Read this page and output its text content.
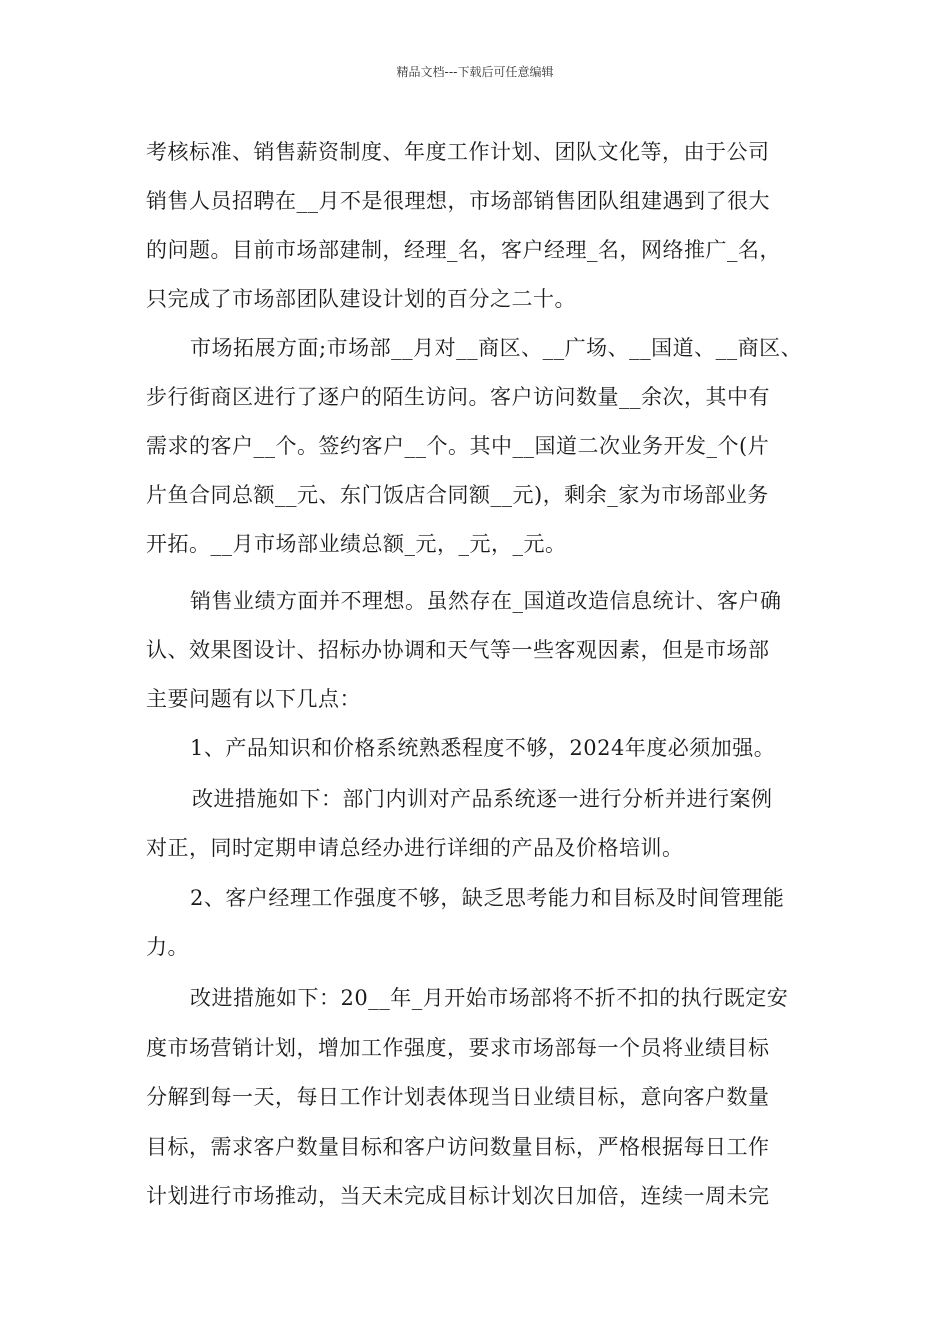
精品文档---下载后可任意编辑
考核标准、销售薪资制度、年度工作计划、团队文化等，由于公司
销售人员招聘在__月不是很理想，市场部销售团队组建遇到了很大
的问题。目前市场部建制，经理_名，客户经理_名，网络推广_名，
只完成了市场部团队建设计划的百分之二十。
市场拓展方面;市场部__月对__商区、__广场、__国道、__商区、
步行街商区进行了逐户的陌生访问。客户访问数量__余次，其中有
需求的客户__个。签约客户__个。其中__国道二次业务开发_个(片
片鱼合同总额__元、东门饭店合同额__元)，剩余_家为市场部业务
开拓。__月市场部业绩总额_元，_元，_元。
销售业绩方面并不理想。虽然存在_国道改造信息统计、客户确
认、效果图设计、招标办协调和天气等一些客观因素，但是市场部
主要问题有以下几点：
1、产品知识和价格系统熟悉程度不够，2024年度必须加强。
改进措施如下：部门内训对产品系统逐一进行分析并进行案例
对正，同时定期申请总经办进行详细的产品及价格培训。
2、客户经理工作强度不够，缺乏思考能力和目标及时间管理能
力。
改进措施如下：20__年_月开始市场部将不折不扣的执行既定安
度市场营销计划，增加工作强度，要求市场部每一个员将业绩目标
分解到每一天，每日工作计划表体现当日业绩目标，意向客户数量
目标，需求客户数量目标和客户访问数量目标，严格根据每日工作
计划进行市场推动，当天未完成目标计划次日加倍，连续一周未完
